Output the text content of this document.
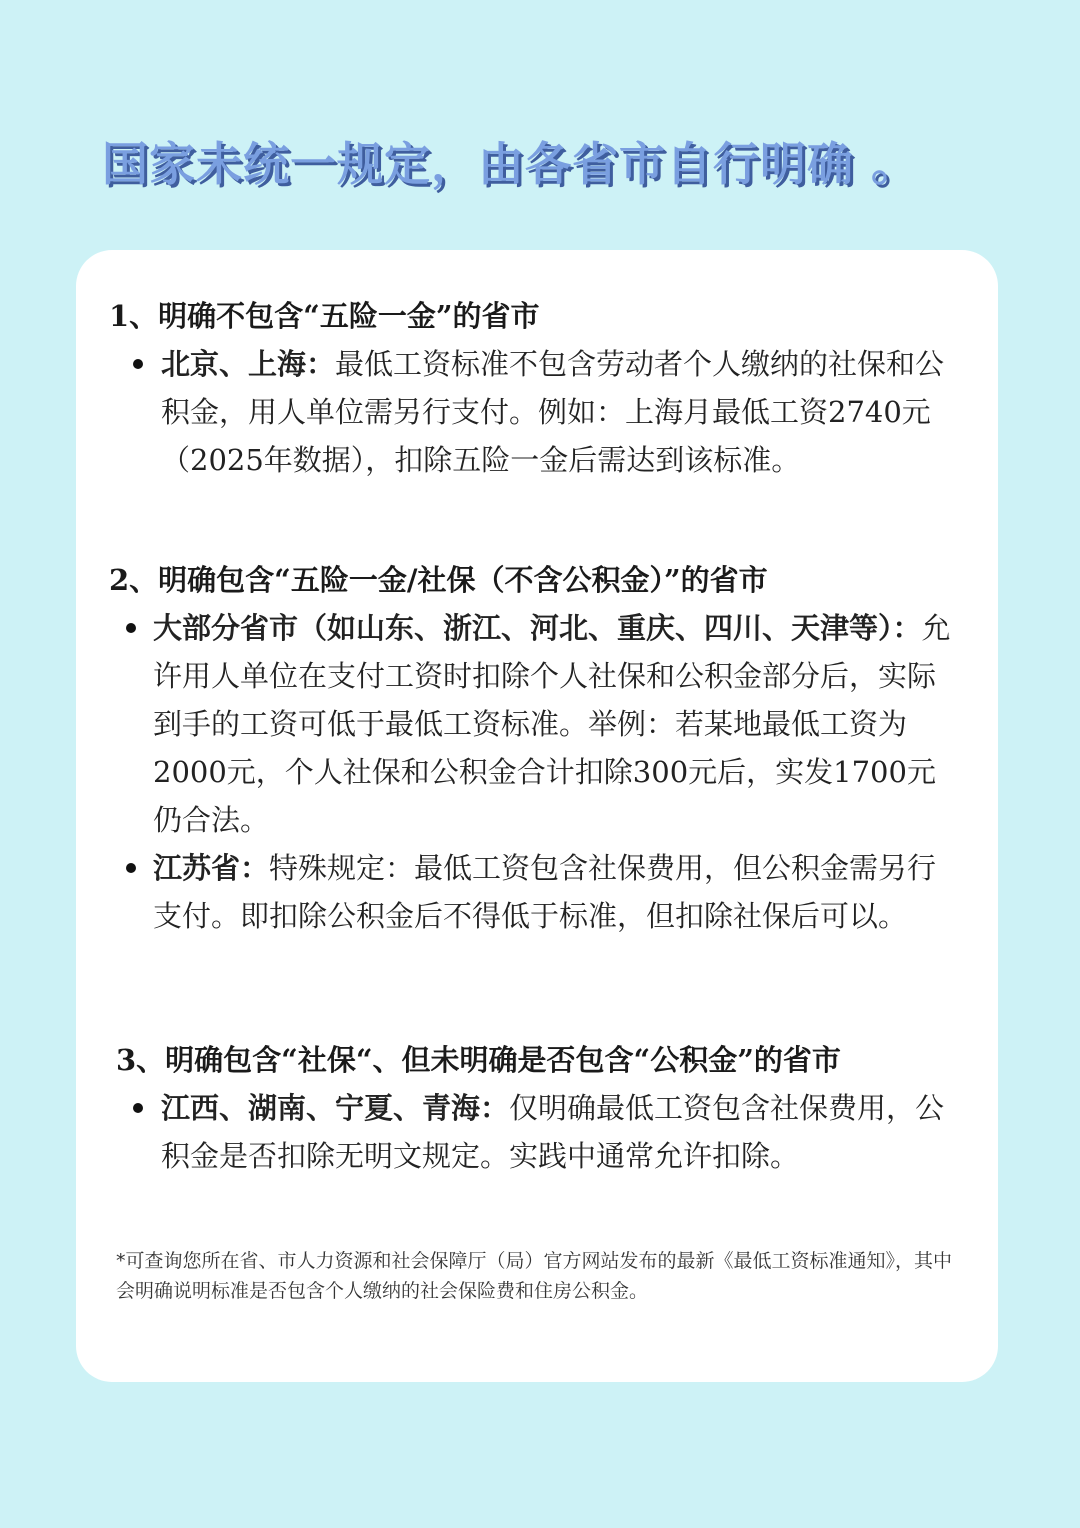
国家未统一规定，由各省市自行明确 。
1、明确不包含“五险一金”的省市

北京、上海：最低工资标准不包含劳动者个人缴纳的社保和公积金，用人单位需另行支付。例如：上海月最低工资2740元（2025年数据），扣除五险一金后需达到该标准。

2、明确包含“五险一金/社保（不含公积金）”的省市

大部分省市（如山东、浙江、河北、重庆、四川、天津等）：允许用人单位在支付工资时扣除个人社保和公积金部分后，实际到手的工资可低于最低工资标准。举例：若某地最低工资为2000元，个人社保和公积金合计扣除300元后，实发1700元仍合法。

江苏省：特殊规定：最低工资包含社保费用，但公积金需另行支付。即扣除公积金后不得低于标准，但扣除社保后可以。

3、明确包含“社保“、但未明确是否包含“公积金”的省市

江西、湖南、宁夏、青海：仅明确最低工资包含社保费用，公积金是否扣除无明文规定。实践中通常允许扣除。

*可查询您所在省、市人力资源和社会保障厅（局）官方网站发布的最新《最低工资标准通知》，其中会明确说明标准是否包含个人缴纳的社会保险费和住房公积金。
